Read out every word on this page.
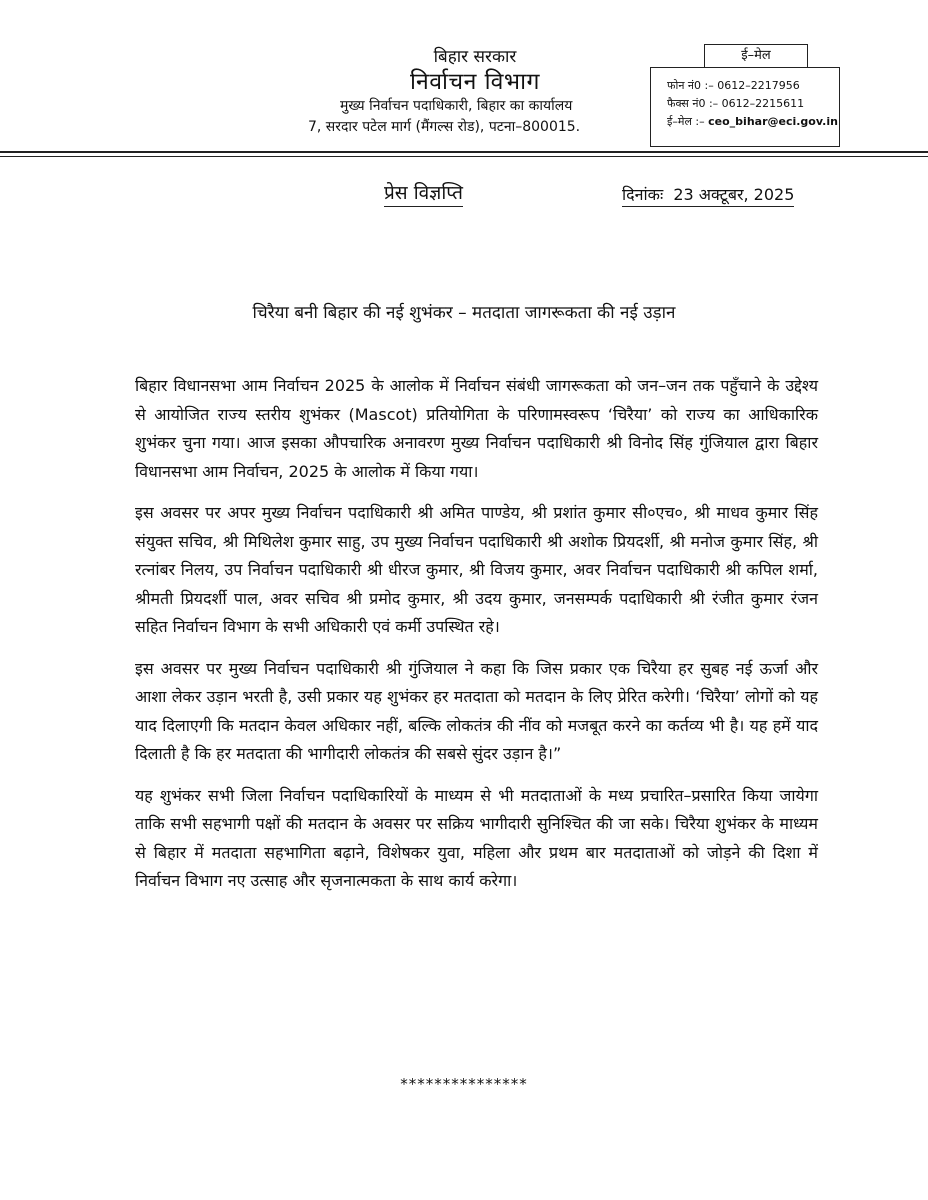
बिहार सरकार
निर्वाचन विभाग
मुख्य निर्वाचन पदाधिकारी, बिहार का कार्यालय
7, सरदार पटेल मार्ग (मैंगल्स रोड), पटना–800015.
ई–मेल
फोन नं0 :– 0612–2217956
फैक्स नं0 :– 0612–2215611
ई–मेल :– ceo_bihar@eci.gov.in
प्रेस विज्ञप्ति	दिनांकः 23 अक्टूबर, 2025
चिरैया बनी बिहार की नई शुभंकर – मतदाता जागरूकता की नई उड़ान

बिहार विधानसभा आम निर्वाचन 2025 के आलोक में निर्वाचन संबंधी जागरूकता को जन–जन तक पहुँचाने के उद्देश्य से आयोजित राज्य स्तरीय शुभंकर (Mascot) प्रतियोगिता के परिणामस्वरूप ‘चिरैया’ को राज्य का आधिकारिक शुभंकर चुना गया। आज इसका औपचारिक अनावरण मुख्य निर्वाचन पदाधिकारी श्री विनोद सिंह गुंजियाल द्वारा बिहार विधानसभा आम निर्वाचन, 2025 के आलोक में किया गया।

इस अवसर पर अपर मुख्य निर्वाचन पदाधिकारी श्री अमित पाण्डेय, श्री प्रशांत कुमार सी०एच०, श्री माधव कुमार सिंह संयुक्त सचिव, श्री मिथिलेश कुमार साहु, उप मुख्य निर्वाचन पदाधिकारी श्री अशोक प्रियदर्शी, श्री मनोज कुमार सिंह, श्री रत्नांबर निलय, उप निर्वाचन पदाधिकारी श्री धीरज कुमार, श्री विजय कुमार, अवर निर्वाचन पदाधिकारी श्री कपिल शर्मा, श्रीमती प्रियदर्शी पाल, अवर सचिव श्री प्रमोद कुमार, श्री उदय कुमार, जनसम्पर्क पदाधिकारी श्री रंजीत कुमार रंजन सहित निर्वाचन विभाग के सभी अधिकारी एवं कर्मी उपस्थित रहे।

इस अवसर पर मुख्य निर्वाचन पदाधिकारी श्री गुंजियाल ने कहा कि जिस प्रकार एक चिरैया हर सुबह नई ऊर्जा और आशा लेकर उड़ान भरती है, उसी प्रकार यह शुभंकर हर मतदाता को मतदान के लिए प्रेरित करेगी। ‘चिरैया’ लोगों को यह याद दिलाएगी कि मतदान केवल अधिकार नहीं, बल्कि लोकतंत्र की नींव को मजबूत करने का कर्तव्य भी है। यह हमें याद दिलाती है कि हर मतदाता की भागीदारी लोकतंत्र की सबसे सुंदर उड़ान है।”

यह शुभंकर सभी जिला निर्वाचन पदाधिकारियों के माध्यम से भी मतदाताओं के मध्य प्रचारित–प्रसारित किया जायेगा ताकि सभी सहभागी पक्षों की मतदान के अवसर पर सक्रिय भागीदारी सुनिश्चित की जा सके। चिरैया शुभंकर के माध्यम से बिहार में मतदाता सहभागिता बढ़ाने, विशेषकर युवा, महिला और प्रथम बार मतदाताओं को जोड़ने की दिशा में निर्वाचन विभाग नए उत्साह और सृजनात्मकता के साथ कार्य करेगा।

***************
